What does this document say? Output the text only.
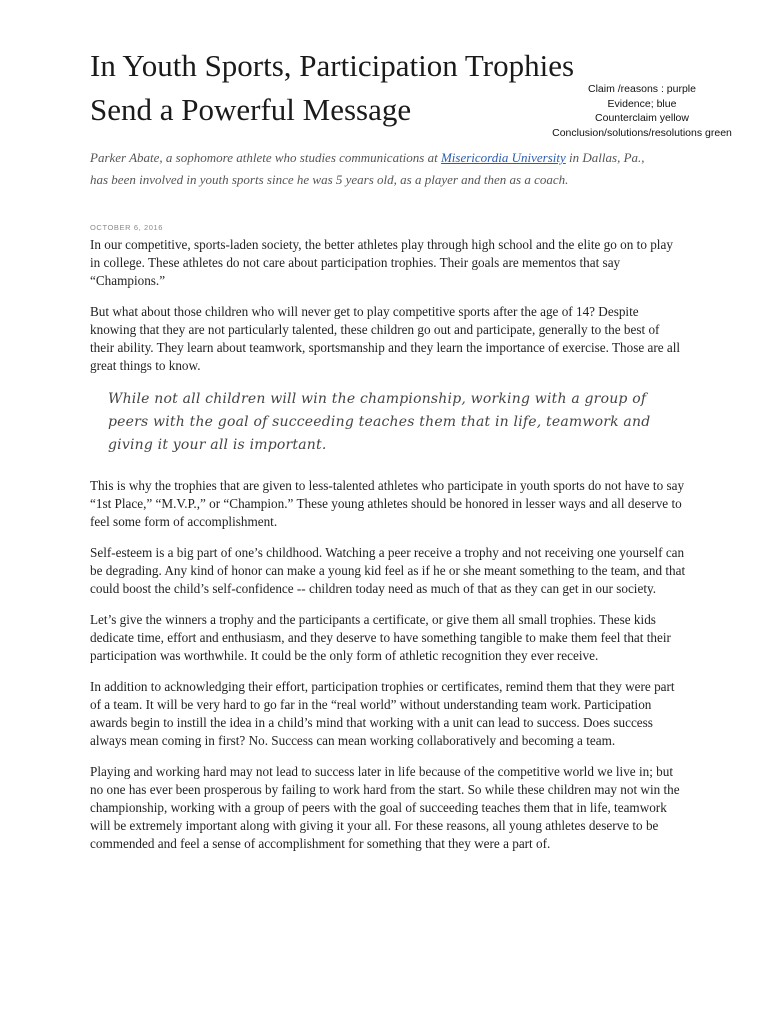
In Youth Sports, Participation Trophies
Send a Powerful Message
Claim /reasons : purple
Evidence; blue
Counterclaim yellow
Conclusion/solutions/resolutions green
Parker Abate, a sophomore athlete who studies communications at Misericordia University in Dallas, Pa., has been involved in youth sports since he was 5 years old, as a player and then as a coach.
OCTOBER 6, 2016

In our competitive, sports-laden society, the better athletes play through high school and the elite go on to play in college. These athletes do not care about participation trophies. Their goals are mementos that say “Champions.”

But what about those children who will never get to play competitive sports after the age of 14? Despite knowing that they are not particularly talented, these children go out and participate, generally to the best of their ability. They learn about teamwork, sportsmanship and they learn the importance of exercise. Those are all great things to know.

While not all children will win the championship, working with a group of peers with the goal of succeeding teaches them that in life, teamwork and giving it your all is important.

This is why the trophies that are given to less-talented athletes who participate in youth sports do not have to say “1st Place,” “M.V.P.,” or “Champion.” These young athletes should be honored in lesser ways and all deserve to feel some form of accomplishment.

Self-esteem is a big part of one’s childhood. Watching a peer receive a trophy and not receiving one yourself can be degrading. Any kind of honor can make a young kid feel as if he or she meant something to the team, and that could boost the child’s self-confidence -- children today need as much of that as they can get in our society.

Let’s give the winners a trophy and the participants a certificate, or give them all small trophies. These kids dedicate time, effort and enthusiasm, and they deserve to have something tangible to make them feel that their participation was worthwhile. It could be the only form of athletic recognition they ever receive.

In addition to acknowledging their effort, participation trophies or certificates, remind them that they were part of a team. It will be very hard to go far in the “real world” without understanding team work. Participation awards begin to instill the idea in a child’s mind that working with a unit can lead to success. Does success always mean coming in first? No. Success can mean working collaboratively and becoming a team.

Playing and working hard may not lead to success later in life because of the competitive world we live in; but no one has ever been prosperous by failing to work hard from the start. So while these children may not win the championship, working with a group of peers with the goal of succeeding teaches them that in life, teamwork will be extremely important along with giving it your all. For these reasons, all young athletes deserve to be commended and feel a sense of accomplishment for something that they were a part of.
